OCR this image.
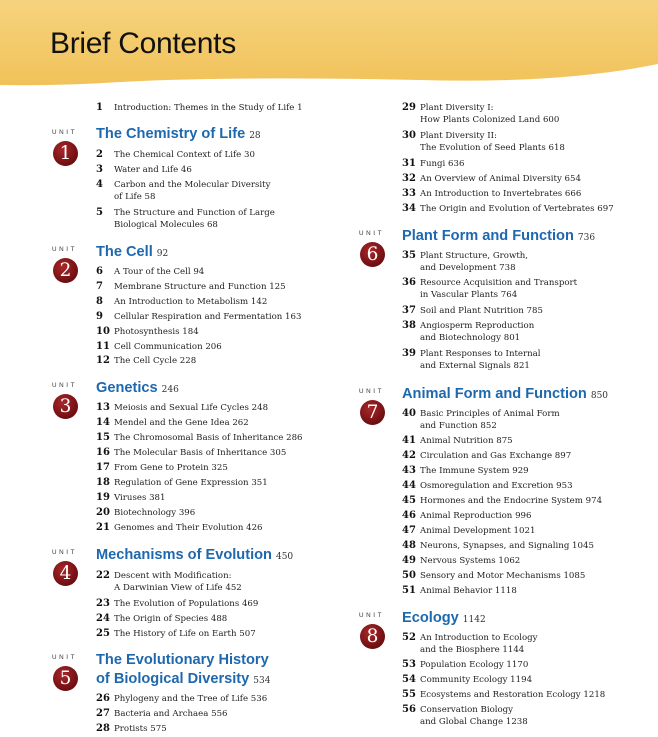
Brief Contents
1 Introduction: Themes in the Study of Life 1
UNIT
1
The Chemistry of Life 28
2 The Chemical Context of Life 30
3 Water and Life 46
4 Carbon and the Molecular Diversity
of Life 58
5 The Structure and Function of Large
Biological Molecules 68
UNIT
2
The Cell 92
6 A Tour of the Cell 94
7 Membrane Structure and Function 125
8 An Introduction to Metabolism 142
9 Cellular Respiration and Fermentation 163
10 Photosynthesis 184
11 Cell Communication 206
12 The Cell Cycle 228
UNIT
3
Genetics 246
13 Meiosis and Sexual Life Cycles 248
14 Mendel and the Gene Idea 262
15 The Chromosomal Basis of Inheritance 286
16 The Molecular Basis of Inheritance 305
17 From Gene to Protein 325
18 Regulation of Gene Expression 351
19 Viruses 381
20 Biotechnology 396
21 Genomes and Their Evolution 426
UNIT
4
Mechanisms of Evolution 450
22 Descent with Modification:
A Darwinian View of Life 452
23 The Evolution of Populations 469
24 The Origin of Species 488
25 The History of Life on Earth 507
UNIT
5
The Evolutionary History
of Biological Diversity 534
26 Phylogeny and the Tree of Life 536
27 Bacteria and Archaea 556
28 Protists 575
29 Plant Diversity I:
How Plants Colonized Land 600
30 Plant Diversity II:
The Evolution of Seed Plants 618
31 Fungi 636
32 An Overview of Animal Diversity 654
33 An Introduction to Invertebrates 666
34 The Origin and Evolution of Vertebrates 697
UNIT
6
Plant Form and Function 736
35 Plant Structure, Growth,
and Development 738
36 Resource Acquisition and Transport
in Vascular Plants 764
37 Soil and Plant Nutrition 785
38 Angiosperm Reproduction
and Biotechnology 801
39 Plant Responses to Internal
and External Signals 821
UNIT
7
Animal Form and Function 850
40 Basic Principles of Animal Form
and Function 852
41 Animal Nutrition 875
42 Circulation and Gas Exchange 897
43 The Immune System 929
44 Osmoregulation and Excretion 953
45 Hormones and the Endocrine System 974
46 Animal Reproduction 996
47 Animal Development 1021
48 Neurons, Synapses, and Signaling 1045
49 Nervous Systems 1062
50 Sensory and Motor Mechanisms 1085
51 Animal Behavior 1118
UNIT
8
Ecology 1142
52 An Introduction to Ecology
and the Biosphere 1144
53 Population Ecology 1170
54 Community Ecology 1194
55 Ecosystems and Restoration Ecology 1218
56 Conservation Biology
and Global Change 1238
